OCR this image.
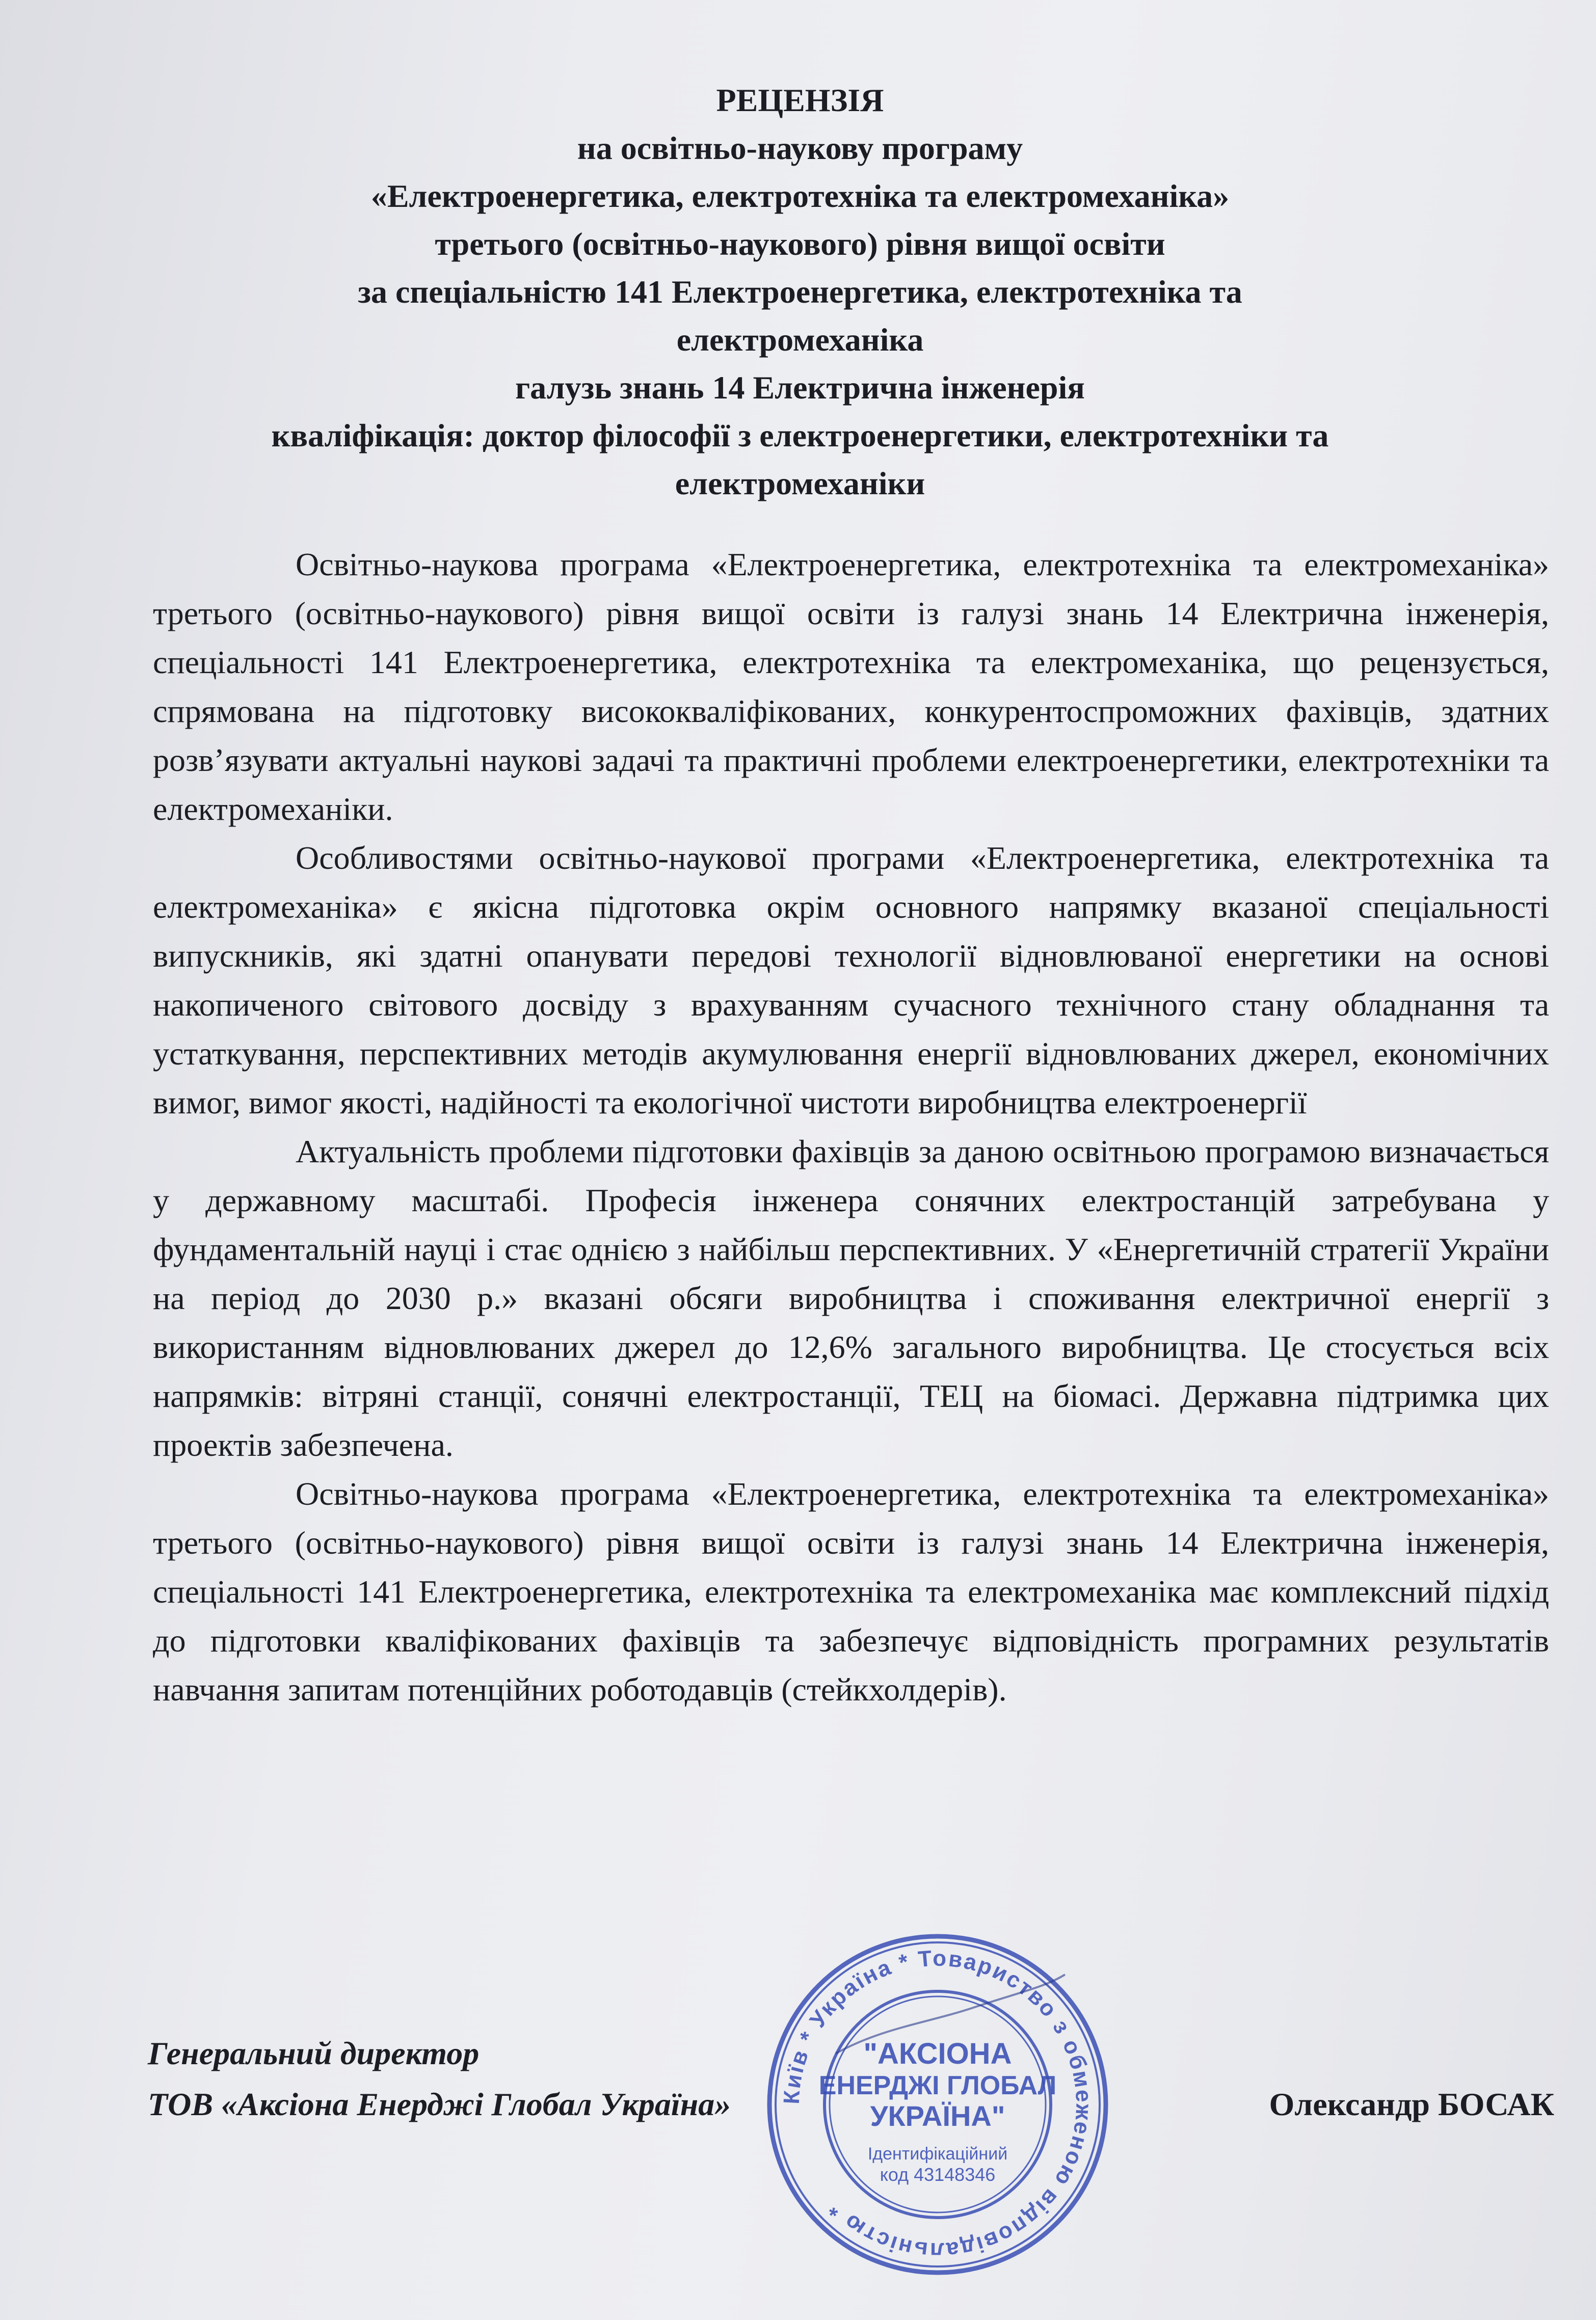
РЕЦЕНЗІЯ
на освітньо-наукову програму
«Електроенергетика, електротехніка та електромеханіка»
третього (освітньо-наукового) рівня вищої освіти
за спеціальністю 141 Електроенергетика, електротехніка та
електромеханіка
галузь знань 14 Електрична інженерія
кваліфікація: доктор філософії з електроенергетики, електротехніки та
електромеханіки

Освітньо-наукова програма «Електроенергетика, електротехніка та електромеханіка» третього (освітньо-наукового) рівня вищої освіти із галузі знань 14 Електрична інженерія, спеціальності 141 Електроенергетика, електротехніка та електромеханіка, що рецензується, спрямована на підготовку висококваліфікованих, конкурентоспроможних фахівців, здатних розв’язувати актуальні наукові задачі та практичні проблеми електроенергетики, електротехніки та електромеханіки.

Особливостями освітньо-наукової програми «Електроенергетика, електротехніка та електромеханіка» є якісна підготовка окрім основного напрямку вказаної спеціальності випускників, які здатні опанувати передові технології відновлюваної енергетики на основі накопиченого світового досвіду з врахуванням сучасного технічного стану обладнання та устаткування, перспективних методів акумулювання енергії відновлюваних джерел, економічних вимог, вимог якості, надійності та екологічної чистоти виробництва електроенергії

Актуальність проблеми підготовки фахівців за даною освітньою програмою визначається у державному масштабі. Професія інженера сонячних електростанцій затребувана у фундаментальній науці і стає однією з найбільш перспективних. У «Енергетичній стратегії України на період до 2030 р.» вказані обсяги виробництва і споживання електричної енергії з використанням відновлюваних джерел до 12,6% загального виробництва. Це стосується всіх напрямків: вітряні станції, сонячні електростанції, ТЕЦ на біомасі. Державна підтримка цих проектів забезпечена.

Освітньо-наукова програма «Електроенергетика, електротехніка та електромеханіка» третього (освітньо-наукового) рівня вищої освіти із галузі знань 14 Електрична інженерія, спеціальності 141 Електроенергетика, електротехніка та електромеханіка має комплексний підхід до підготовки кваліфікованих фахівців та забезпечує відповідність програмних результатів навчання запитам потенційних роботодавців (стейкхолдерів).

Генеральний директор
ТОВ «Аксіона Енерджі Глобал Україна»	Олександр БОСАК
Київ * Україна * Товариство з обмеженою відповідальністю *
"АКСІОНА
ЕНЕРДЖІ ГЛОБАЛ
УКРАЇНА"
Ідентифікаційний
код 43148346
